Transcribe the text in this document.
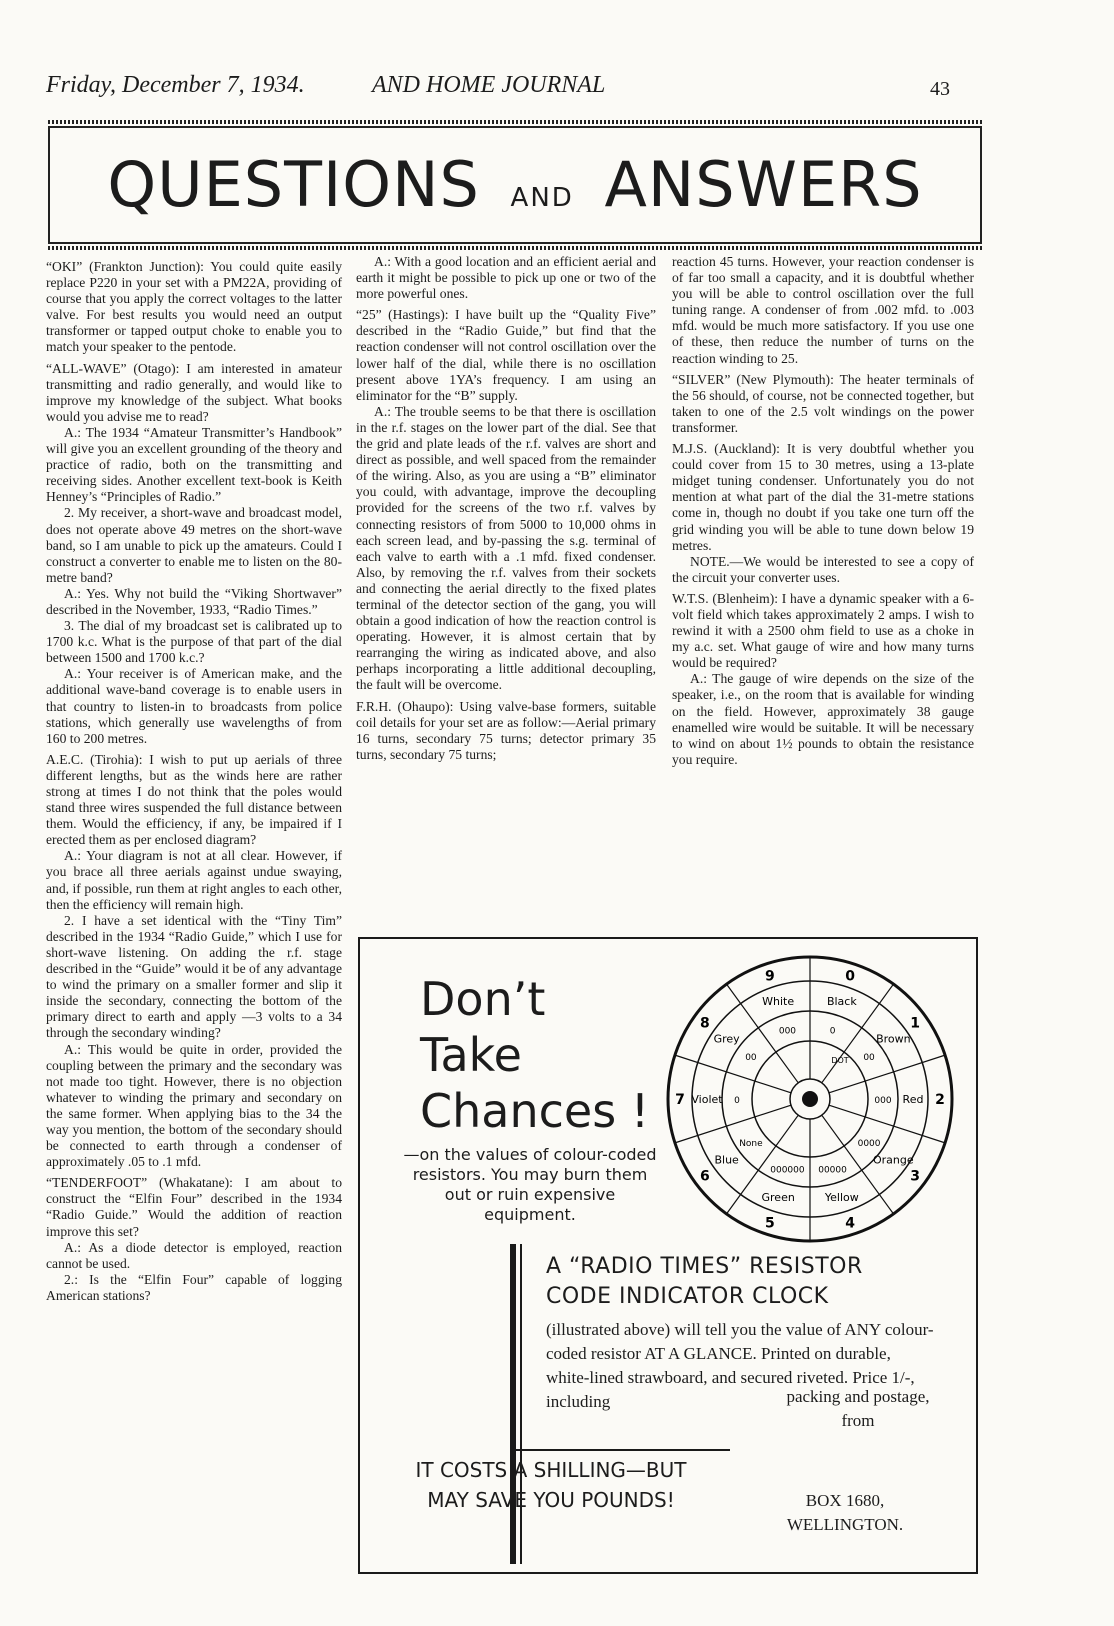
Friday, December 7, 1934.	AND HOME JOURNAL	43
QUESTIONS AND ANSWERS

“OKI” (Frankton Junction): You could quite easily replace P220 in your set with a PM22A, providing of course that you apply the correct voltages to the latter valve. For best results you would need an output transformer or tapped output choke to enable you to match your speaker to the pentode.

“ALL-WAVE” (Otago): I am interested in amateur transmitting and radio generally, and would like to improve my knowledge of the subject. What books would you advise me to read?

A.: The 1934 “Amateur Transmitter’s Handbook” will give you an excellent grounding of the theory and practice of radio, both on the transmitting and receiving sides. Another excellent text-book is Keith Henney’s “Principles of Radio.”

2. My receiver, a short-wave and broadcast model, does not operate above 49 metres on the short-wave band, so I am unable to pick up the amateurs. Could I construct a converter to enable me to listen on the 80-metre band?

A.: Yes. Why not build the “Viking Shortwaver” described in the November, 1933, “Radio Times.”

3. The dial of my broadcast set is calibrated up to 1700 k.c. What is the purpose of that part of the dial between 1500 and 1700 k.c.?

A.: Your receiver is of American make, and the additional wave-band coverage is to enable users in that country to listen-in to broadcasts from police stations, which generally use wavelengths of from 160 to 200 metres.

A.E.C. (Tirohia): I wish to put up aerials of three different lengths, but as the winds here are rather strong at times I do not think that the poles would stand three wires suspended the full distance between them. Would the efficiency, if any, be impaired if I erected them as per enclosed diagram?

A.: Your diagram is not at all clear. However, if you brace all three aerials against undue swaying, and, if possible, run them at right angles to each other, then the efficiency will remain high.

2. I have a set identical with the “Tiny Tim” described in the 1934 “Radio Guide,” which I use for short-wave listening. On adding the r.f. stage described in the “Guide” would it be of any advantage to wind the primary on a smaller former and slip it inside the secondary, connecting the bottom of the primary direct to earth and apply —3 volts to a 34 through the secondary winding?

A.: This would be quite in order, provided the coupling between the primary and the secondary was not made too tight. However, there is no objection whatever to winding the primary and secondary on the same former. When applying bias to the 34 the way you mention, the bottom of the secondary should be connected to earth through a condenser of approximately .05 to .1 mfd.

“TENDERFOOT” (Whakatane): I am about to construct the “Elfin Four” described in the 1934 “Radio Guide.” Would the addition of reaction improve this set?

A.: As a diode detector is employed, reaction cannot be used.

2.: Is the “Elfin Four” capable of logging American stations?

A.: With a good location and an efficient aerial and earth it might be possible to pick up one or two of the more powerful ones.

“25” (Hastings): I have built up the “Quality Five” described in the “Radio Guide,” but find that the reaction condenser will not control oscillation over the lower half of the dial, while there is no oscillation present above 1YA’s frequency. I am using an eliminator for the “B” supply.

A.: The trouble seems to be that there is oscillation in the r.f. stages on the lower part of the dial. See that the grid and plate leads of the r.f. valves are short and direct as possible, and well spaced from the remainder of the wiring. Also, as you are using a “B” eliminator you could, with advantage, improve the decoupling provided for the screens of the two r.f. valves by connecting resistors of from 5000 to 10,000 ohms in each screen lead, and by-passing the s.g. terminal of each valve to earth with a .1 mfd. fixed condenser. Also, by removing the r.f. valves from their sockets and connecting the aerial directly to the fixed plates terminal of the detector section of the gang, you will obtain a good indication of how the reaction control is operating. However, it is almost certain that by rearranging the wiring as indicated above, and also perhaps incorporating a little additional decoupling, the fault will be overcome.

F.R.H. (Ohaupo): Using valve-base formers, suitable coil details for your set are as follow:—Aerial primary 16 turns, secondary 75 turns; detector primary 35 turns, secondary 75 turns;

reaction 45 turns. However, your reaction condenser is of far too small a capacity, and it is doubtful whether you will be able to control oscillation over the full tuning range. A condenser of from .002 mfd. to .003 mfd. would be much more satisfactory. If you use one of these, then reduce the number of turns on the reaction winding to 25.

“SILVER” (New Plymouth): The heater terminals of the 56 should, of course, not be connected together, but taken to one of the 2.5 volt windings on the power transformer.

M.J.S. (Auckland): It is very doubtful whether you could cover from 15 to 30 metres, using a 13-plate midget tuning condenser. Unfortunately you do not mention at what part of the dial the 31-metre stations come in, though no doubt if you take one turn off the grid winding you will be able to tune down below 19 metres.

NOTE.—We would be interested to see a copy of the circuit your converter uses.

W.T.S. (Blenheim): I have a dynamic speaker with a 6-volt field which takes approximately 2 amps. I wish to rewind it with a 2500 ohm field to use as a choke in my a.c. set. What gauge of wire and how many turns would be required?

A.: The gauge of wire depends on the size of the speaker, i.e., on the room that is available for winding on the field. However, approximately 38 gauge enamelled wire would be suitable. It will be necessary to wind on about 1½ pounds to obtain the resistance you require.

Don’t
Take
Chances !
—on the values of colour-coded resistors. You may burn them out or ruin expensive equipment.
0
Black
0	1
Brown
00
2
Red
000
3
Orange
0000
4
Yellow
00000
5
Green
000000
6
Blue
None
7 Violet 0
8
Grey
00
9
White
000
DOT
A “RADIO TIMES” RESISTOR
CODE INDICATOR CLOCK
(illustrated above) will tell you the value of ANY colour-coded resistor AT A GLANCE. Printed on durable, white-lined strawboard, and secured riveted. Price 1/-, including	packing and postage, from
IT COSTS A SHILLING—BUT
MAY SAVE YOU POUNDS!	BOX 1680,
WELLINGTON.
